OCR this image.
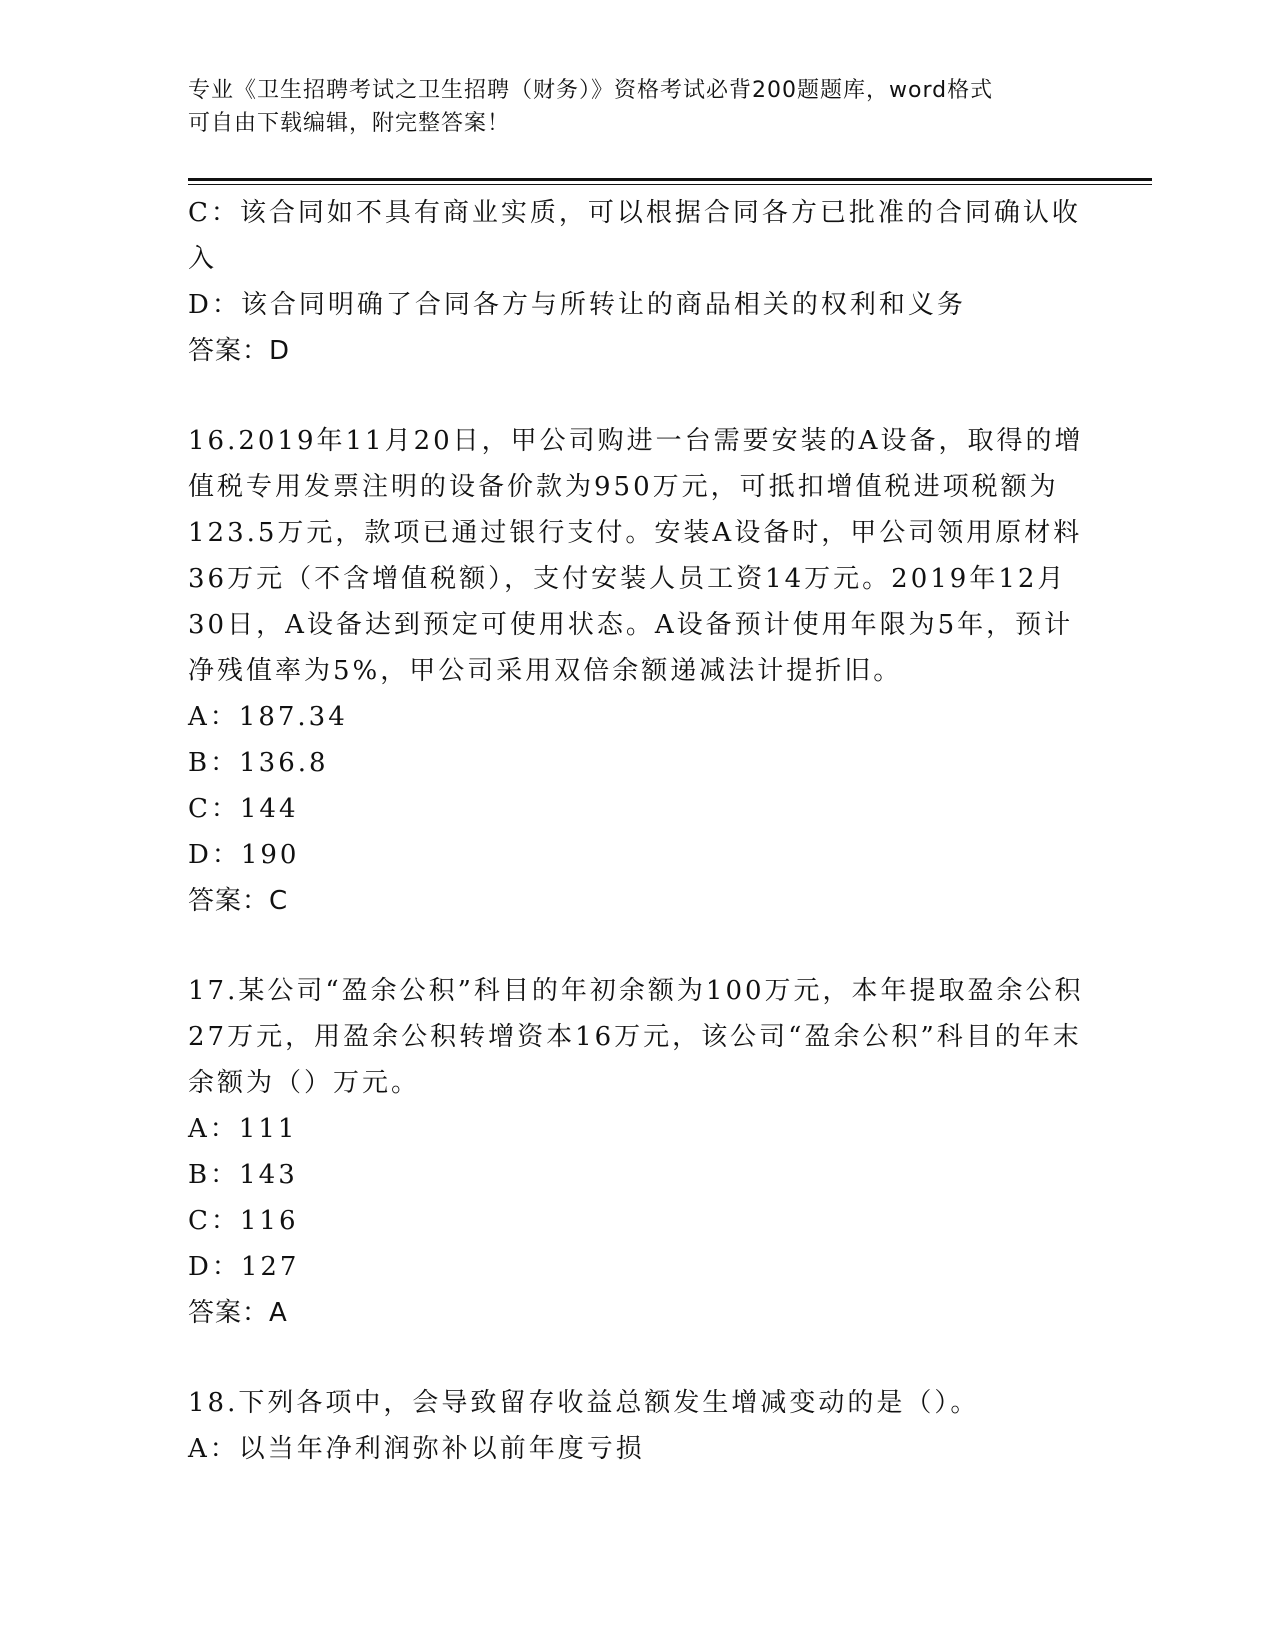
专业《卫生招聘考试之卫生招聘（财务）》资格考试必背200题题库，word格式
可自由下载编辑，附完整答案！
C：该合同如不具有商业实质，可以根据合同各方已批准的合同确认收入
D：该合同明确了合同各方与所转让的商品相关的权利和义务
答案：D
16.2019年11月20日，甲公司购进一台需要安装的A设备，取得的增值税专用发票注明的设备价款为950万元，可抵扣增值税进项税额为123.5万元，款项已通过银行支付。安装A设备时，甲公司领用原材料36万元（不含增值税额），支付安装人员工资14万元。2019年12月30日，A设备达到预定可使用状态。A设备预计使用年限为5年，预计净残值率为5%，甲公司采用双倍余额递减法计提折旧。
A：187.34
B：136.8
C：144
D：190
答案：C
17.某公司“盈余公积”科目的年初余额为100万元，本年提取盈余公积27万元，用盈余公积转增资本16万元，该公司“盈余公积”科目的年末余额为（）万元。
A：111
B：143
C：116
D：127
答案：A
18.下列各项中，会导致留存收益总额发生增减变动的是（）。
A：以当年净利润弥补以前年度亏损
